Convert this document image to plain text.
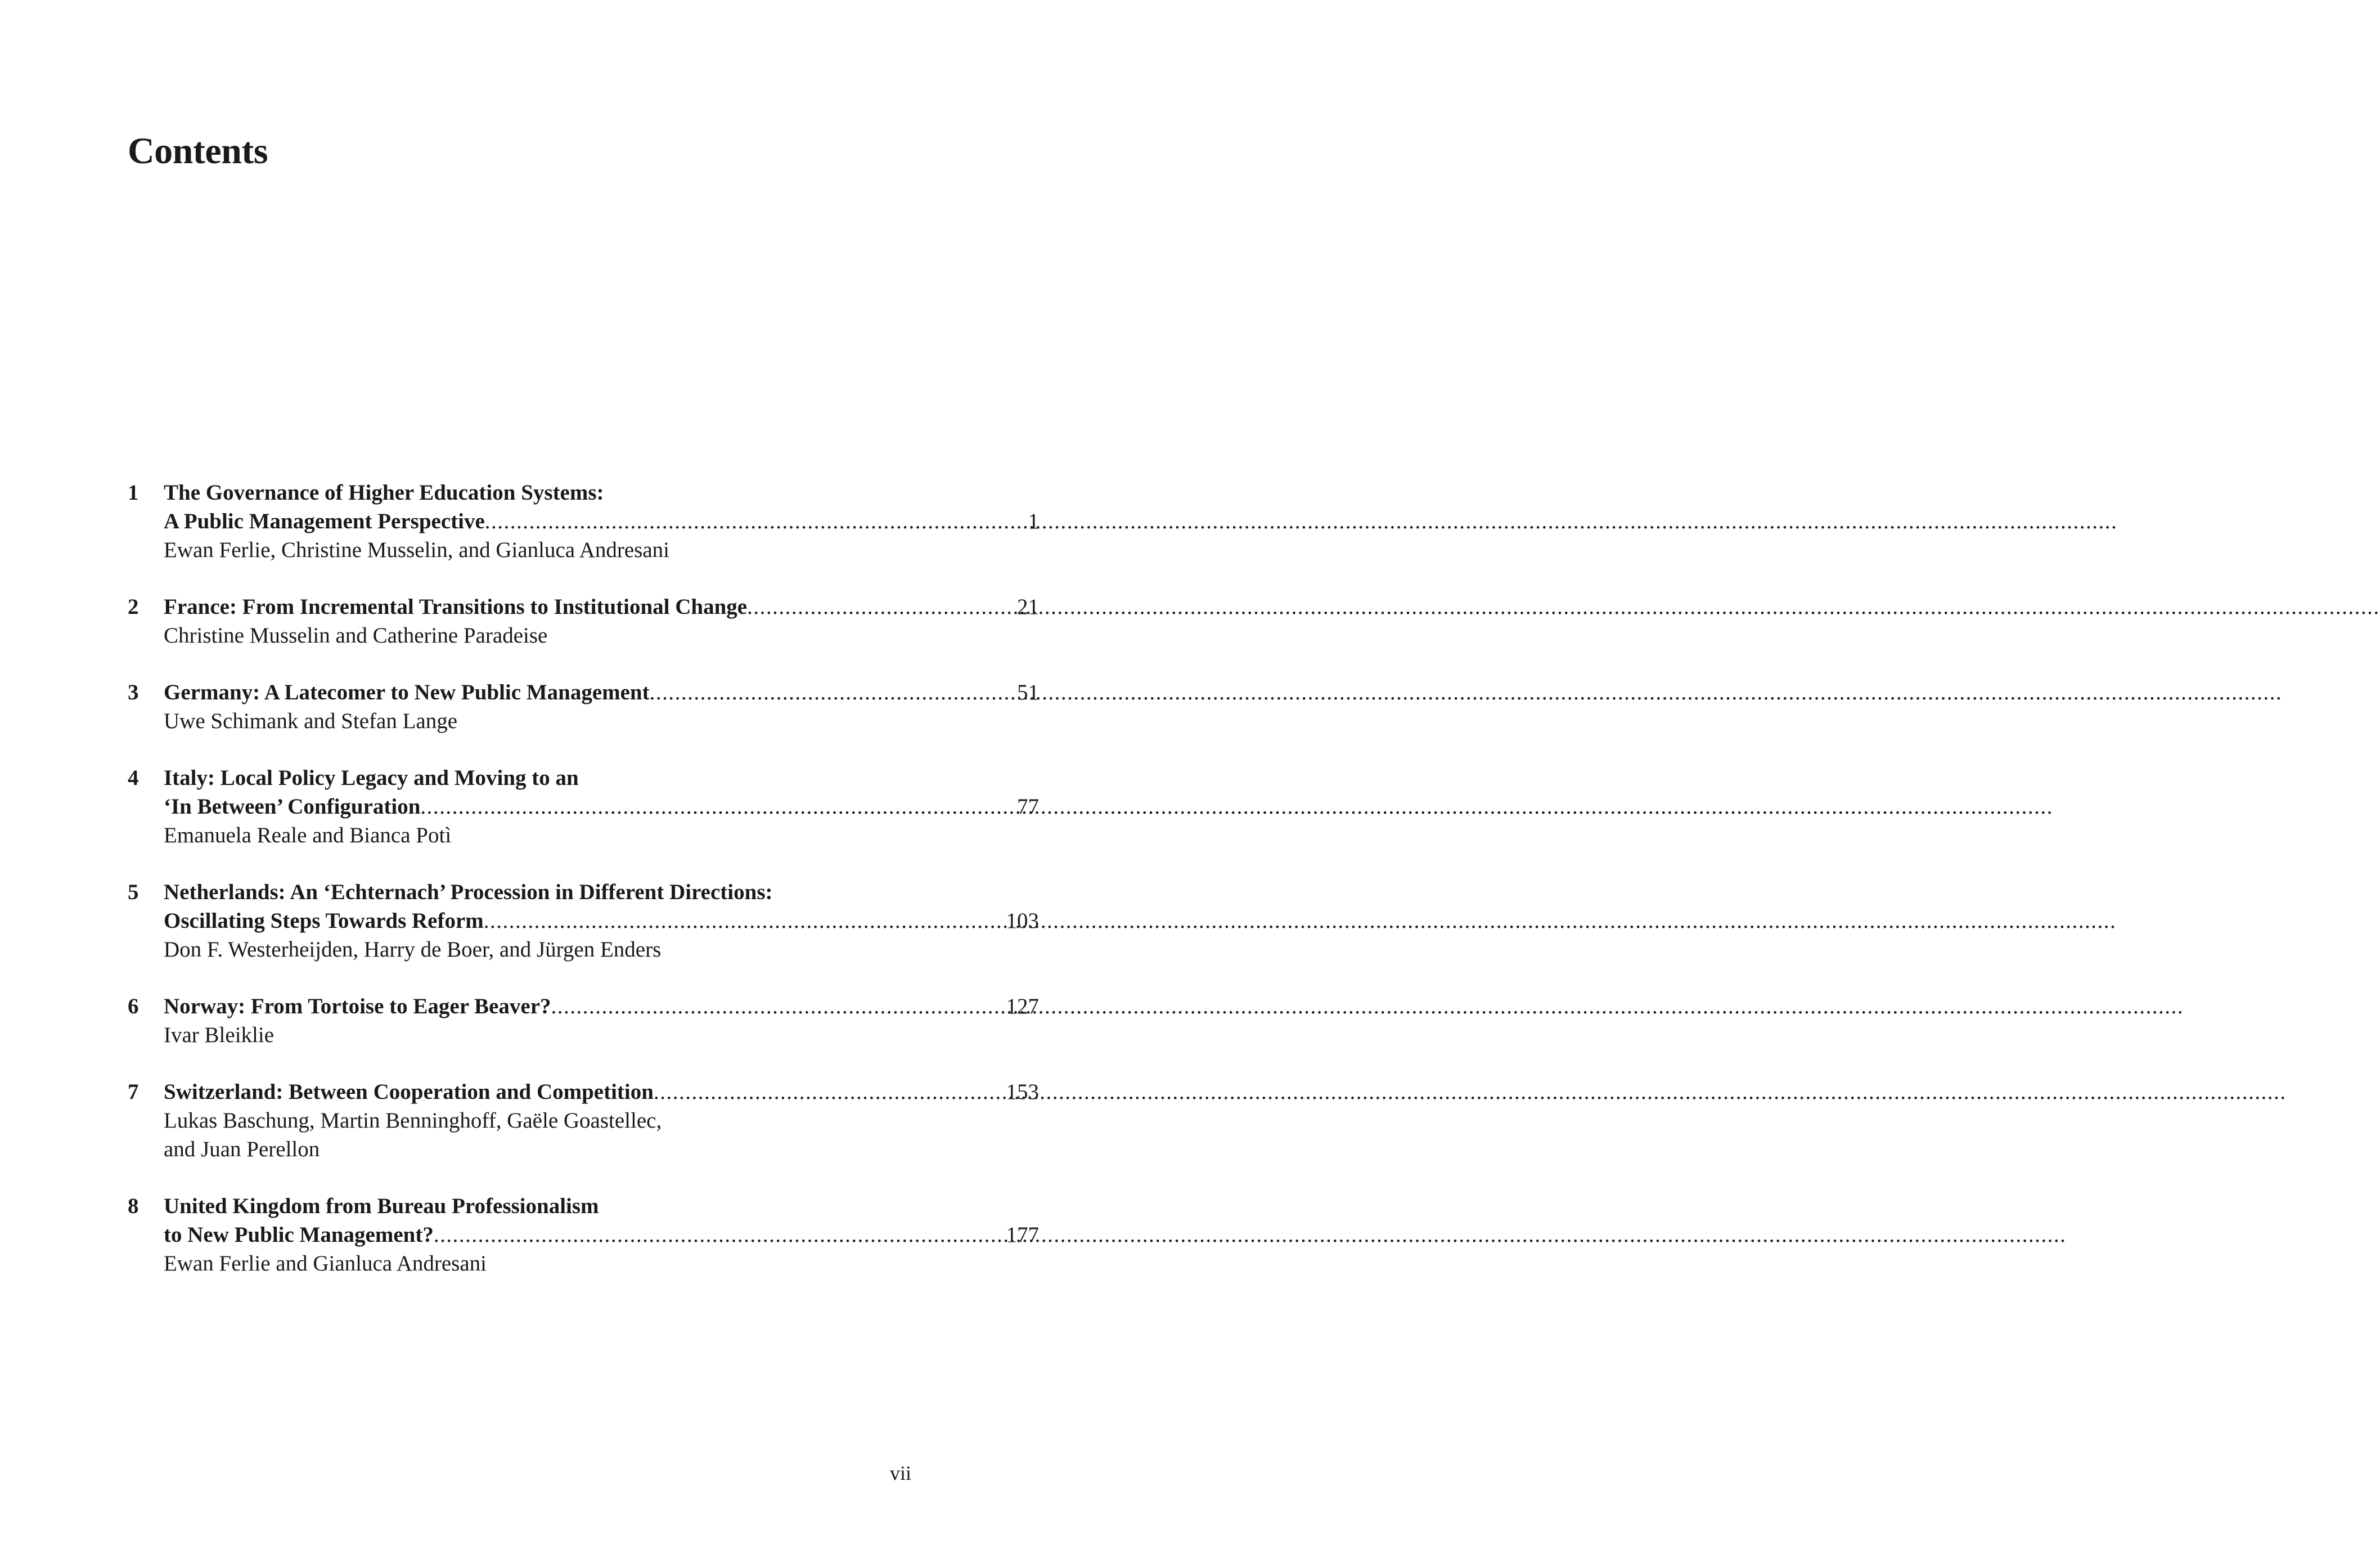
Contents
1 The Governance of Higher Education Systems:
A Public Management Perspective .....	1
Ewan Ferlie, Christine Musselin, and Gianluca Andresani
2 France: From Incremental Transitions to Institutional Change .....	21
Christine Musselin and Catherine Paradeise
3 Germany: A Latecomer to New Public Management .....	51
Uwe Schimank and Stefan Lange
4 Italy: Local Policy Legacy and Moving to an
‘In Between’ Configuration .....	77
Emanuela Reale and Bianca Potì
5 Netherlands: An ‘Echternach’ Procession in Different Directions:
Oscillating Steps Towards Reform .....	103
Don F. Westerheijden, Harry de Boer, and Jürgen Enders
6 Norway: From Tortoise to Eager Beaver? .....	127
Ivar Bleiklie
7 Switzerland: Between Cooperation and Competition .....	153
Lukas Baschung, Martin Benninghoff, Gaële Goastellec,
and Juan Perellon
8 United Kingdom from Bureau Professionalism
to New Public Management? .....	177
Ewan Ferlie and Gianluca Andresani
vii
